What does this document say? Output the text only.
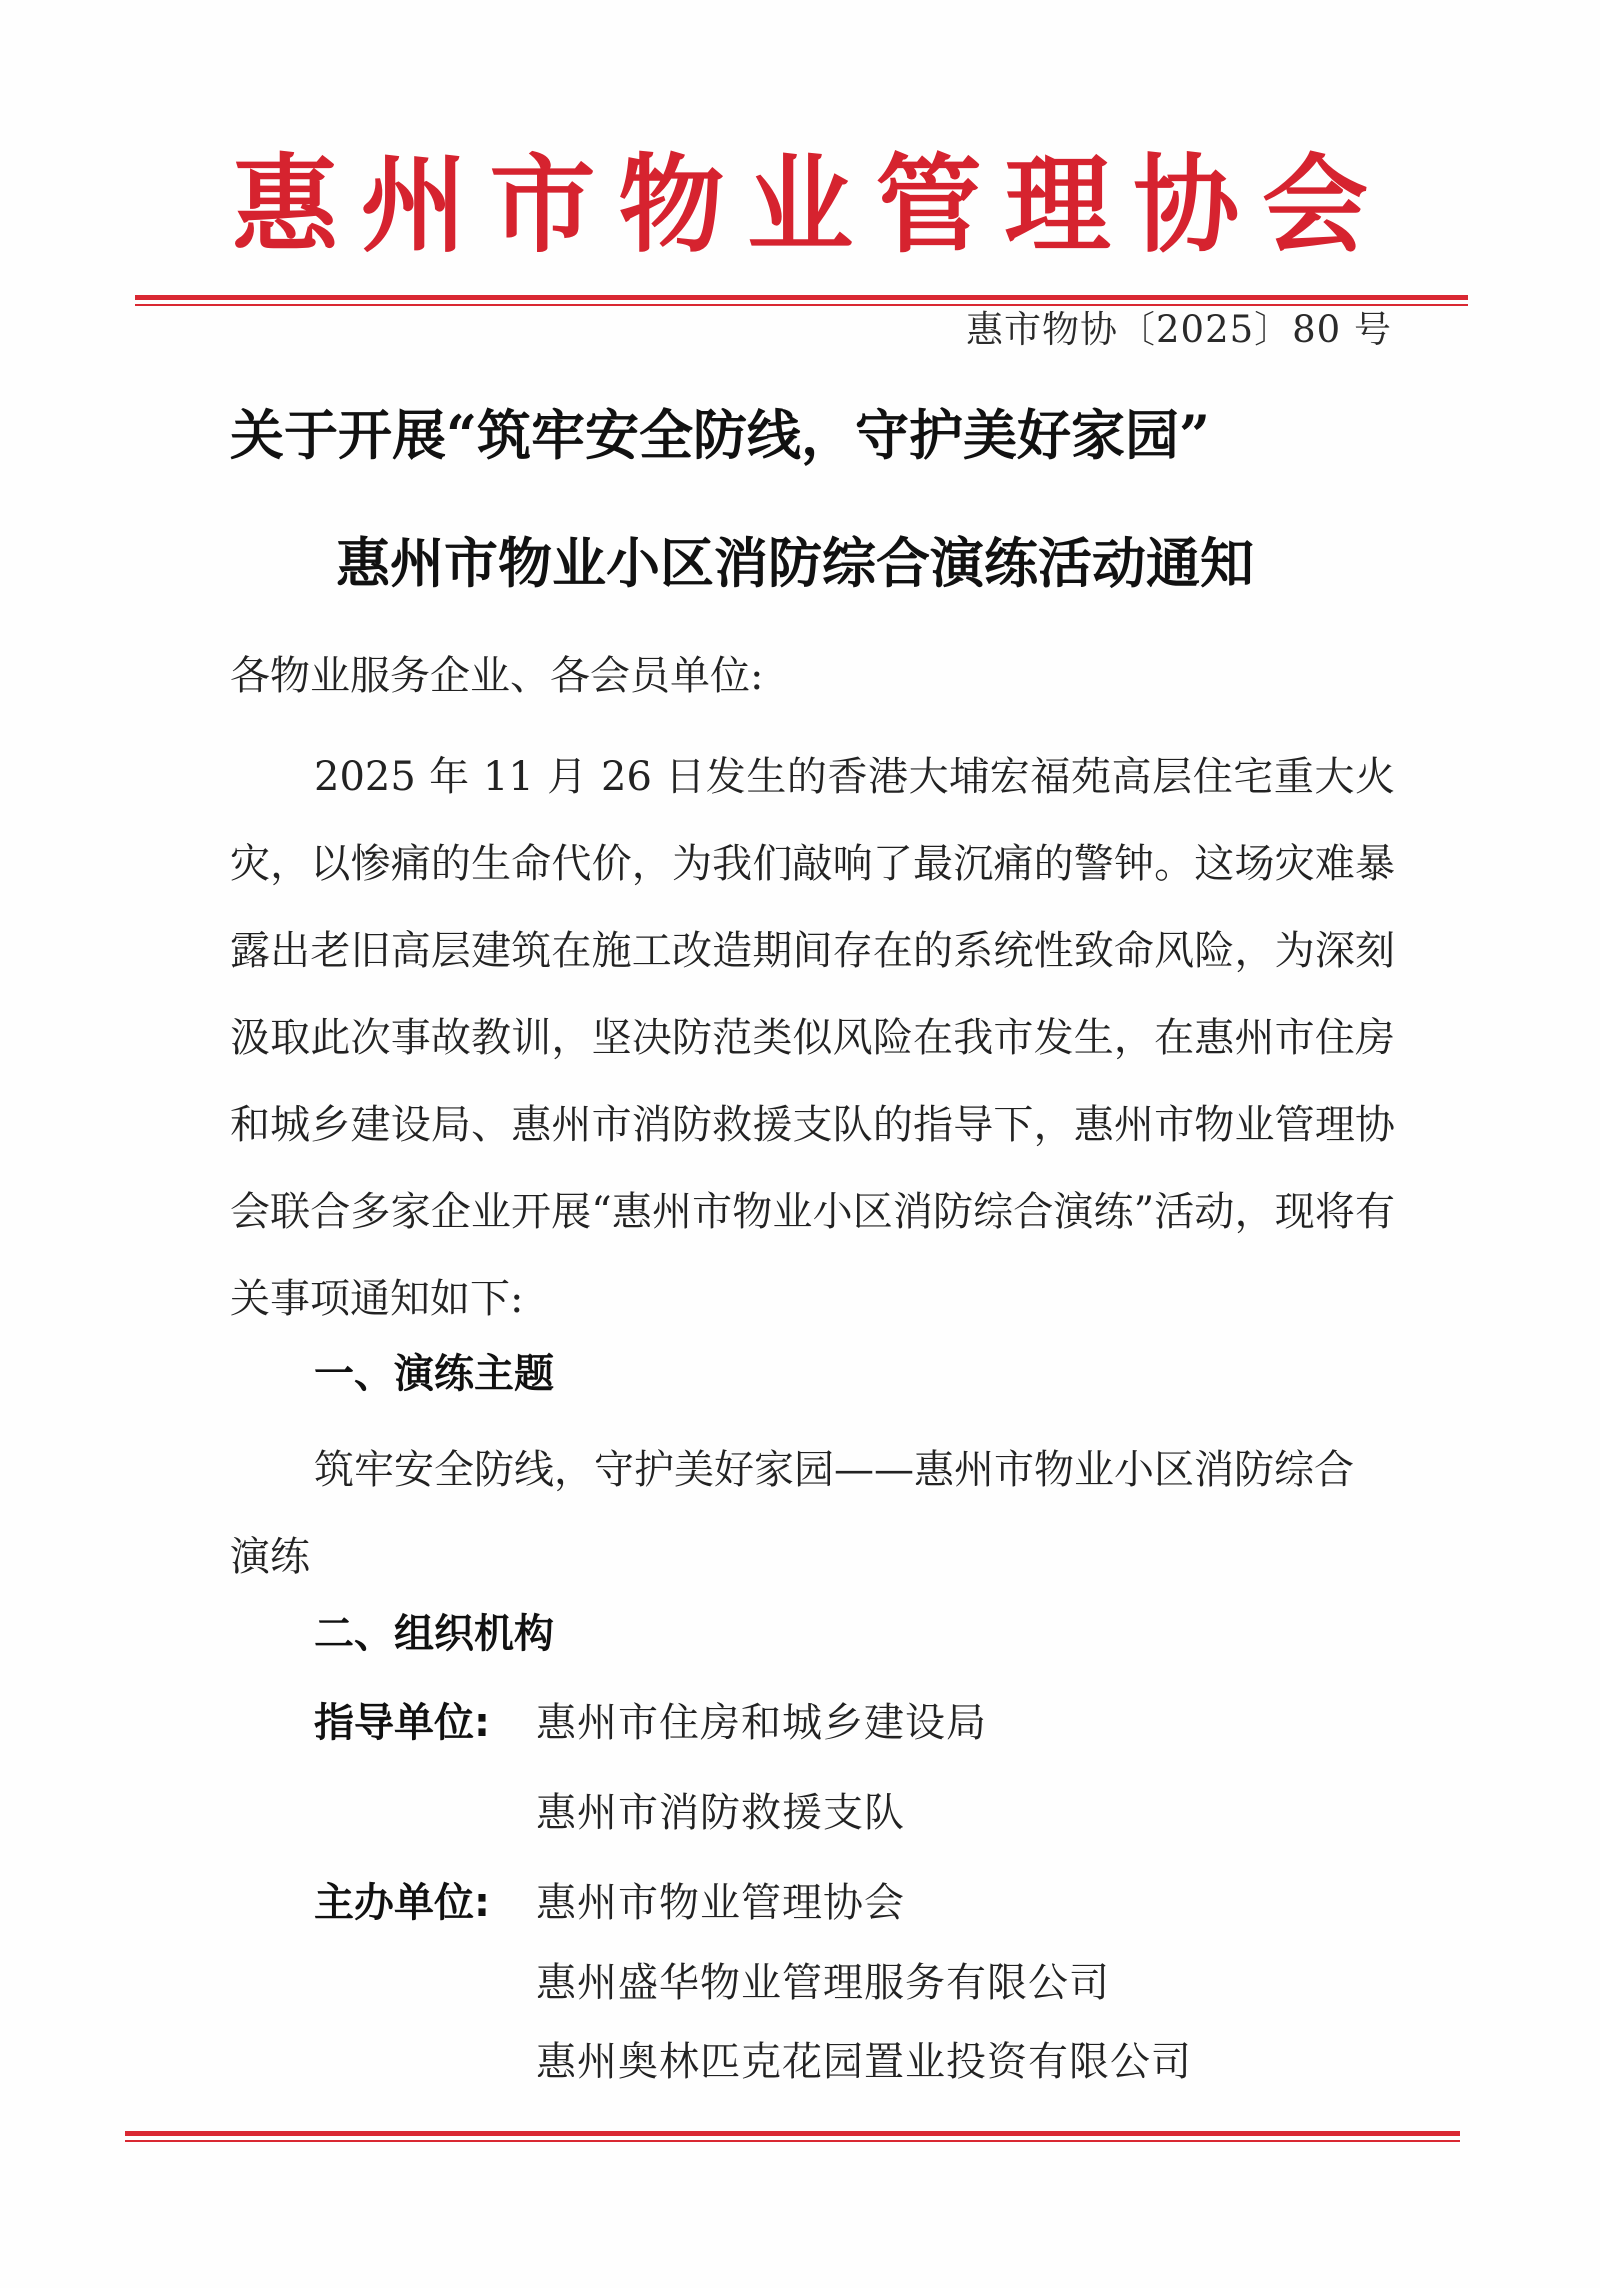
惠州市物业管理协会
惠市物协〔2025〕80 号
关于开展“筑牢安全防线，守护美好家园”
惠州市物业小区消防综合演练活动通知
各物业服务企业、各会员单位:
2025 年 11 月 26 日发生的香港大埔宏福苑高层住宅重大火灾，以惨痛的生命代价，为我们敲响了最沉痛的警钟。这场灾难暴露出老旧高层建筑在施工改造期间存在的系统性致命风险，为深刻汲取此次事故教训，坚决防范类似风险在我市发生，在惠州市住房和城乡建设局、惠州市消防救援支队的指导下，惠州市物业管理协会联合多家企业开展“惠州市物业小区消防综合演练”活动，现将有关事项通知如下:
一、演练主题
筑牢安全防线，守护美好家园——惠州市物业小区消防综合演练
二、组织机构
指导单位: 惠州市住房和城乡建设局
惠州市消防救援支队
主办单位: 惠州市物业管理协会
惠州盛华物业管理服务有限公司
惠州奥林匹克花园置业投资有限公司
